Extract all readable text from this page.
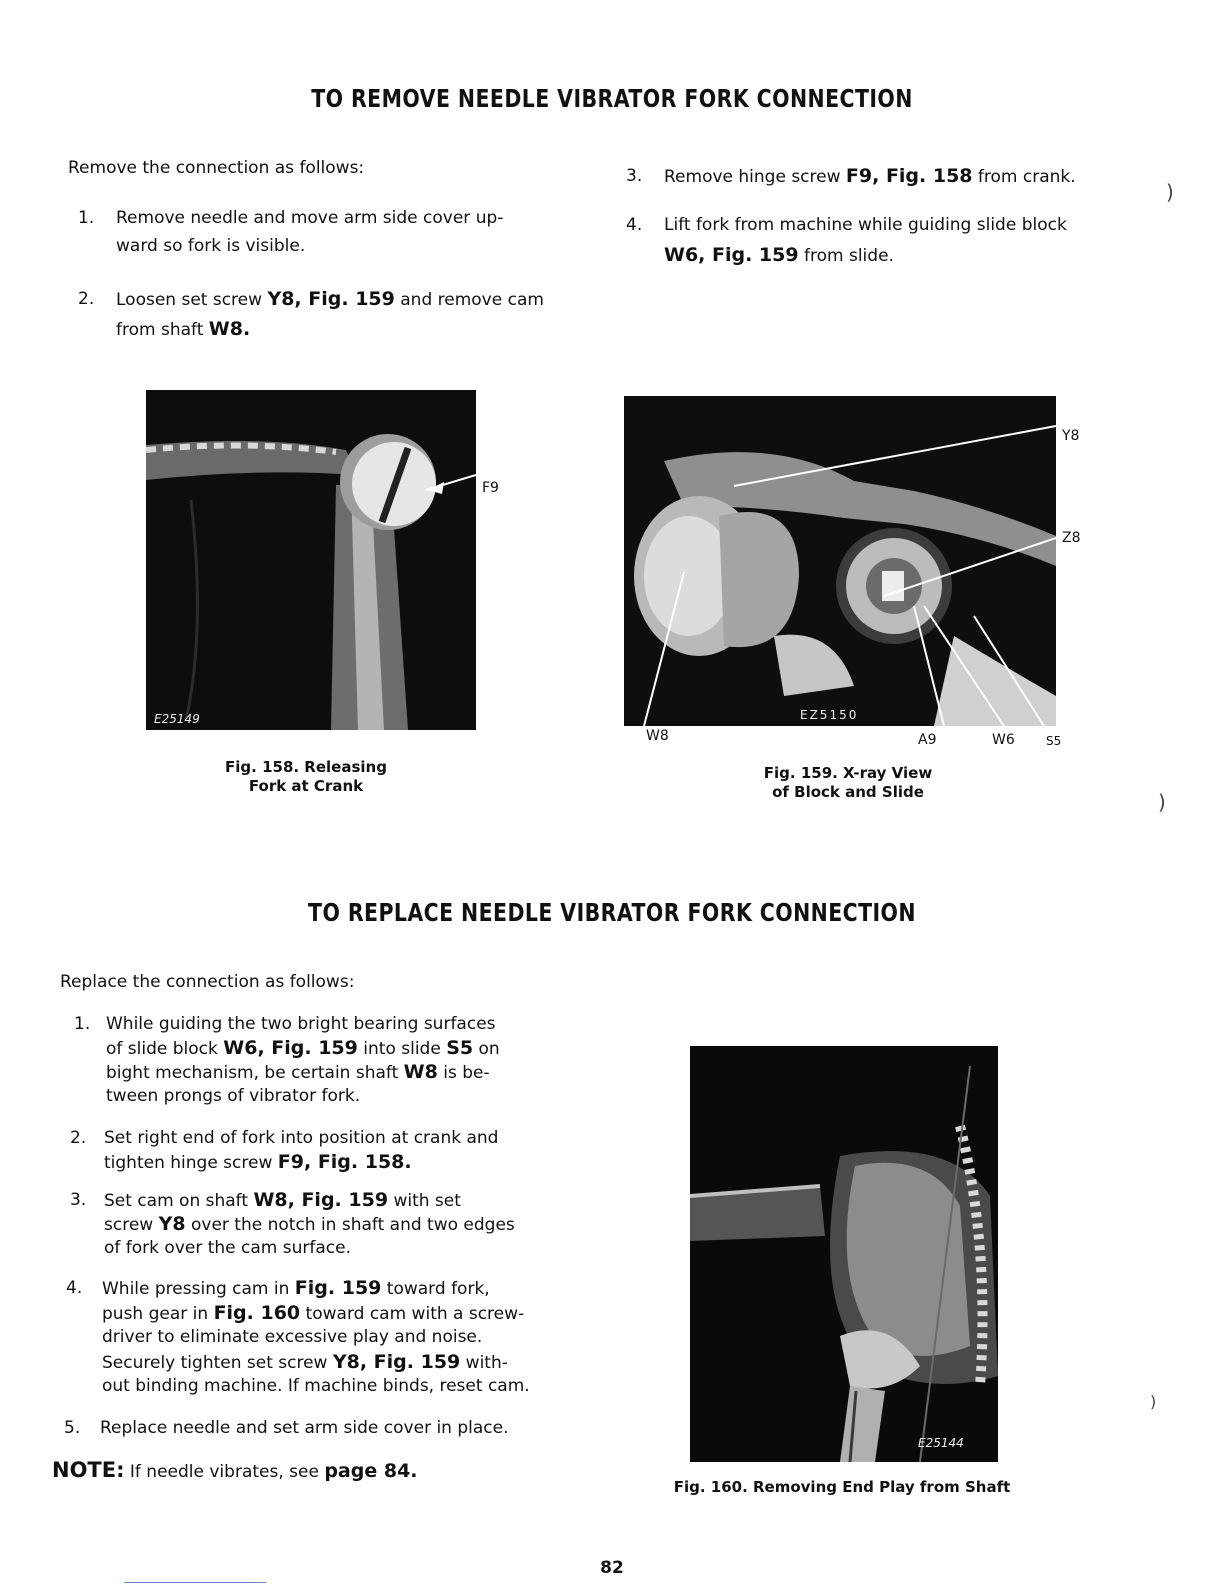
TO REMOVE NEEDLE VIBRATOR FORK CONNECTION
Remove the connection as follows:
1. Remove needle and move arm side cover up-
ward so fork is visible.
2. Loosen set screw Y8, Fig. 159 and remove cam
from shaft W8.
3. Remove hinge screw F9, Fig. 158 from crank.
4. Lift fork from machine while guiding slide block
W6, Fig. 159 from slide.
E25149
F9
Fig. 158. Releasing
Fork at Crank
EZ5150
Y8
Z8
W8	A9	W6	S5
Fig. 159. X-ray View
of Block and Slide
TO REPLACE NEEDLE VIBRATOR FORK CONNECTION
Replace the connection as follows:
1. While guiding the two bright bearing surfaces
of slide block W6, Fig. 159 into slide S5 on
bight mechanism, be certain shaft W8 is be-
tween prongs of vibrator fork.
2. Set right end of fork into position at crank and
tighten hinge screw F9, Fig. 158.
3. Set cam on shaft W8, Fig. 159 with set
screw Y8 over the notch in shaft and two edges
of fork over the cam surface.
4. While pressing cam in Fig. 159 toward fork,
push gear in Fig. 160 toward cam with a screw-
driver to eliminate excessive play and noise.
Securely tighten set screw Y8, Fig. 159 with-
out binding machine. If machine binds, reset cam.
5. Replace needle and set arm side cover in place.
NOTE: If needle vibrates, see page 84.
E25144
Fig. 160. Removing End Play from Shaft
)
)
)
82
